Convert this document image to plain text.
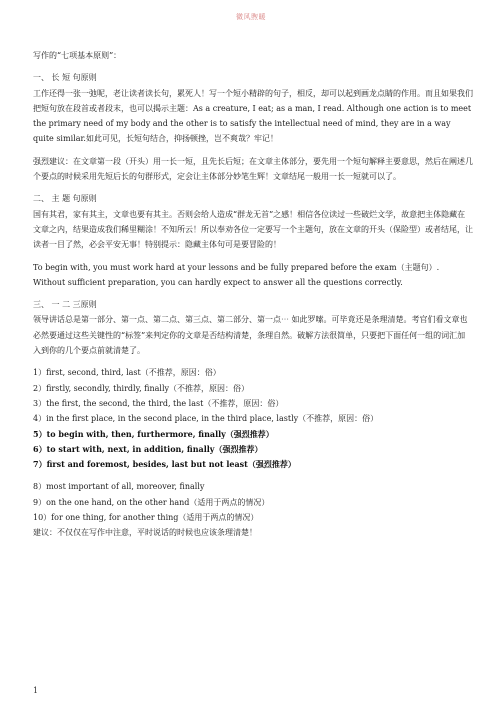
微风煦暖

写作的“七项基本原则”：

一、 长 短 句原则

工作还得一张一弛呢，老让读者读长句，累死人！写一个短小精辟的句子，相反，却可以起到画龙点睛的作用。而且如果我们把短句放在段首或者段末，也可以揭示主题：As a creature, I eat; as a man, I read. Although one action is to meet the primary need of my body and the other is to satisfy the intellectual need of mind, they are in a way quite similar.如此可见，长短句结合，抑扬顿挫，岂不爽哉？牢记！

强烈建议：在文章第一段（开头）用一长一短，且先长后短；在文章主体部分，要先用一个短句解释主要意思，然后在阐述几个要点的时候采用先短后长的句群形式，定会让主体部分妙笔生辉！文章结尾一般用一长一短就可以了。

二、 主 题 句原则

国有其君，家有其主，文章也要有其主。否则会给人造成“群龙无首”之感！相信各位读过一些破烂文学，故意把主体隐藏在文章之内，结果造成我们稀里糊涂！不知所云！所以奉劝各位一定要写一个主题句，放在文章的开头（保险型）或者结尾，让读者一目了然，必会平安无事！特别提示：隐藏主体句可是要冒险的！

To begin with, you must work hard at your lessons and be fully prepared before the exam（主题句）. Without sufficient preparation, you can hardly expect to answer all the questions correctly.

三、 一 二 三原则

领导讲话总是第一部分、第一点、第二点、第三点、第二部分、第一点⋯ 如此罗嗦。可毕竟还是条理清楚。考官们看文章也必然要通过这些关键性的“标签”来判定你的文章是否结构清楚，条理自然。破解方法很简单，只要把下面任何一组的词汇加入到你的几个要点前就清楚了。

1）first, second, third, last（不推荐，原因：俗）

2）firstly, secondly, thirdly, finally（不推荐，原因：俗）

3）the first, the second, the third, the last（不推荐，原因：俗）

4）in the first place, in the second place, in the third place, lastly（不推荐，原因：俗）

5）to begin with, then, furthermore, finally（强烈推荐）

6）to start with, next, in addition, finally（强烈推荐）

7）first and foremost, besides, last but not least（强烈推荐）

8）most important of all, moreover, finally

9）on the one hand, on the other hand（适用于两点的情况）

10）for one thing, for another thing（适用于两点的情况）

建议：不仅仅在写作中注意，平时说话的时候也应该条理清楚！

1
